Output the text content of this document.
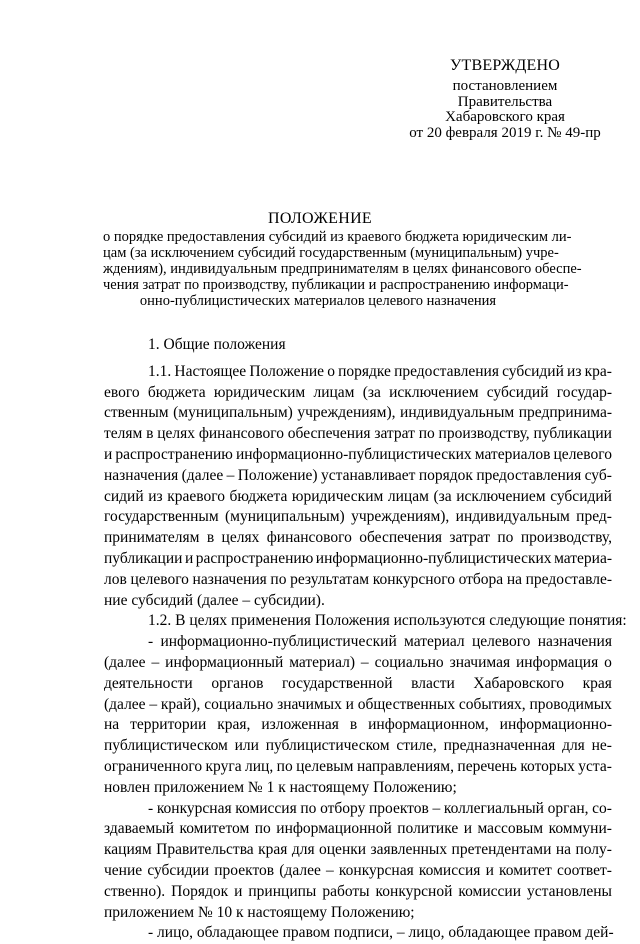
УТВЕРЖДЕНО
постановлением
Правительства
Хабаровского края
от 20 февраля 2019 г. № 49-пр
ПОЛОЖЕНИЕ
о порядке предоставления субсидий из краевого бюджета юридическим ли-
цам (за исключением субсидий государственным (муниципальным) учре-
ждениям), индивидуальным предпринимателям в целях финансового обеспе-
чения затрат по производству, публикации и распространению информаци-
онно-публицистических материалов целевого назначения
1. Общие положения
1.1. Настоящее Положение о порядке предоставления субсидий из кра-
евого бюджета юридическим лицам (за исключением субсидий государ-
ственным (муниципальным) учреждениям), индивидуальным предпринима-
телям в целях финансового обеспечения затрат по производству, публикации
и распространению информационно-публицистических материалов целевого
назначения (далее – Положение) устанавливает порядок предоставления суб-
сидий из краевого бюджета юридическим лицам (за исключением субсидий
государственным (муниципальным) учреждениям), индивидуальным пред-
принимателям в целях финансового обеспечения затрат по производству,
публикации и распространению информационно-публицистических материа-
лов целевого назначения по результатам конкурсного отбора на предоставле-
ние субсидий (далее – субсидии).
1.2. В целях применения Положения используются следующие понятия:
- информационно-публицистический материал целевого назначения
(далее – информационный материал) – социально значимая информация о
деятельности органов государственной власти Хабаровского края
(далее – край), социально значимых и общественных событиях, проводимых
на территории края, изложенная в информационном, информационно-
публицистическом или публицистическом стиле, предназначенная для не-
ограниченного круга лиц, по целевым направлениям, перечень которых уста-
новлен приложением № 1 к настоящему Положению;
- конкурсная комиссия по отбору проектов – коллегиальный орган, со-
здаваемый комитетом по информационной политике и массовым коммуни-
кациям Правительства края для оценки заявленных претендентами на полу-
чение субсидии проектов (далее – конкурсная комиссия и комитет соответ-
ственно). Порядок и принципы работы конкурсной комиссии установлены
приложением № 10 к настоящему Положению;
- лицо, обладающее правом подписи, – лицо, обладающее правом дей-
